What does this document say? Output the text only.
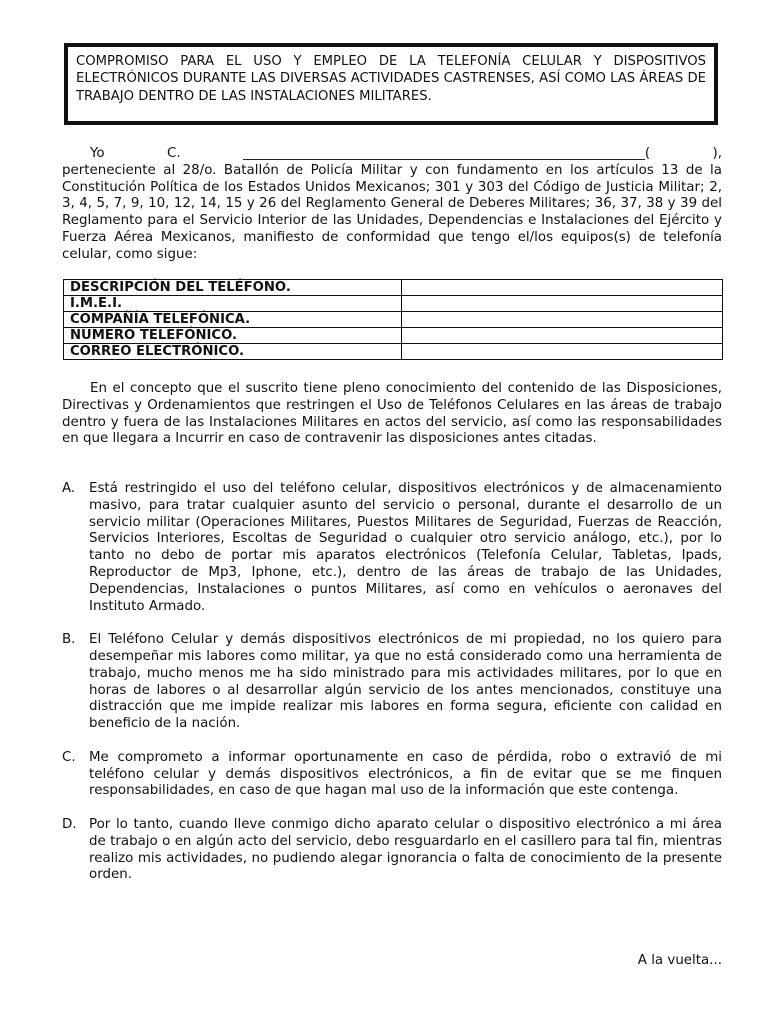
COMPROMISO PARA EL USO Y EMPLEO DE LA TELEFONÍA CELULAR Y DISPOSITIVOS ELECTRÓNICOS DURANTE LAS DIVERSAS ACTIVIDADES CASTRENSES, ASÍ COMO LAS ÁREAS DE TRABAJO DENTRO DE LAS INSTALACIONES MILITARES.
Yo C. ____________________________________________________________( ),
perteneciente al 28/o. Batallón de Policía Militar y con fundamento en los artículos 13 de la Constitución Política de los Estados Unidos Mexicanos; 301 y 303 del Código de Justicia Militar; 2, 3, 4, 5, 7, 9, 10, 12, 14, 15 y 26 del Reglamento General de Deberes Militares; 36, 37, 38 y 39 del Reglamento para el Servicio Interior de las Unidades, Dependencias e Instalaciones del Ejército y Fuerza Aérea Mexicanos, manifiesto de conformidad que tengo el/los equipos(s) de telefonía celular, como sigue:
DESCRIPCIÓN DEL TELÉFONO.	
I.M.E.I.	
COMPAÑÍA TELEFÓNICA.	
NUMERO TELEFÓNICO.	
CORREO ELECTRÓNICO.	
En el concepto que el suscrito tiene pleno conocimiento del contenido de las Disposiciones, Directivas y Ordenamientos que restringen el Uso de Teléfonos Celulares en las áreas de trabajo dentro y fuera de las Instalaciones Militares en actos del servicio, así como las responsabilidades en que llegara a Incurrir en caso de contravenir las disposiciones antes citadas.
A.	Está restringido el uso del teléfono celular, dispositivos electrónicos y de almacenamiento masivo, para tratar cualquier asunto del servicio o personal, durante el desarrollo de un servicio militar (Operaciones Militares, Puestos Militares de Seguridad, Fuerzas de Reacción, Servicios Interiores, Escoltas de Seguridad o cualquier otro servicio análogo, etc.), por lo tanto no debo de portar mis aparatos electrónicos (Telefonía Celular, Tabletas, Ipads, Reproductor de Mp3, Iphone, etc.), dentro de las áreas de trabajo de las Unidades, Dependencias, Instalaciones o puntos Militares, así como en vehículos o aeronaves del Instituto Armado.
B.	El Teléfono Celular y demás dispositivos electrónicos de mi propiedad, no los quiero para desempeñar mis labores como militar, ya que no está considerado como una herramienta de trabajo, mucho menos me ha sido ministrado para mis actividades militares, por lo que en horas de labores o al desarrollar algún servicio de los antes mencionados, constituye una distracción que me impide realizar mis labores en forma segura, eficiente con calidad en beneficio de la nación.
C. Me comprometo a informar oportunamente en caso de pérdida, robo o extravió de mi teléfono celular y demás dispositivos electrónicos, a fin de evitar que se me finquen responsabilidades, en caso de que hagan mal uso de la información que este contenga.
D. Por lo tanto, cuando lleve conmigo dicho aparato celular o dispositivo electrónico a mi área de trabajo o en algún acto del servicio, debo resguardarlo en el casillero para tal fin, mientras realizo mis actividades, no pudiendo alegar ignorancia o falta de conocimiento de la presente orden.
A la vuelta...
